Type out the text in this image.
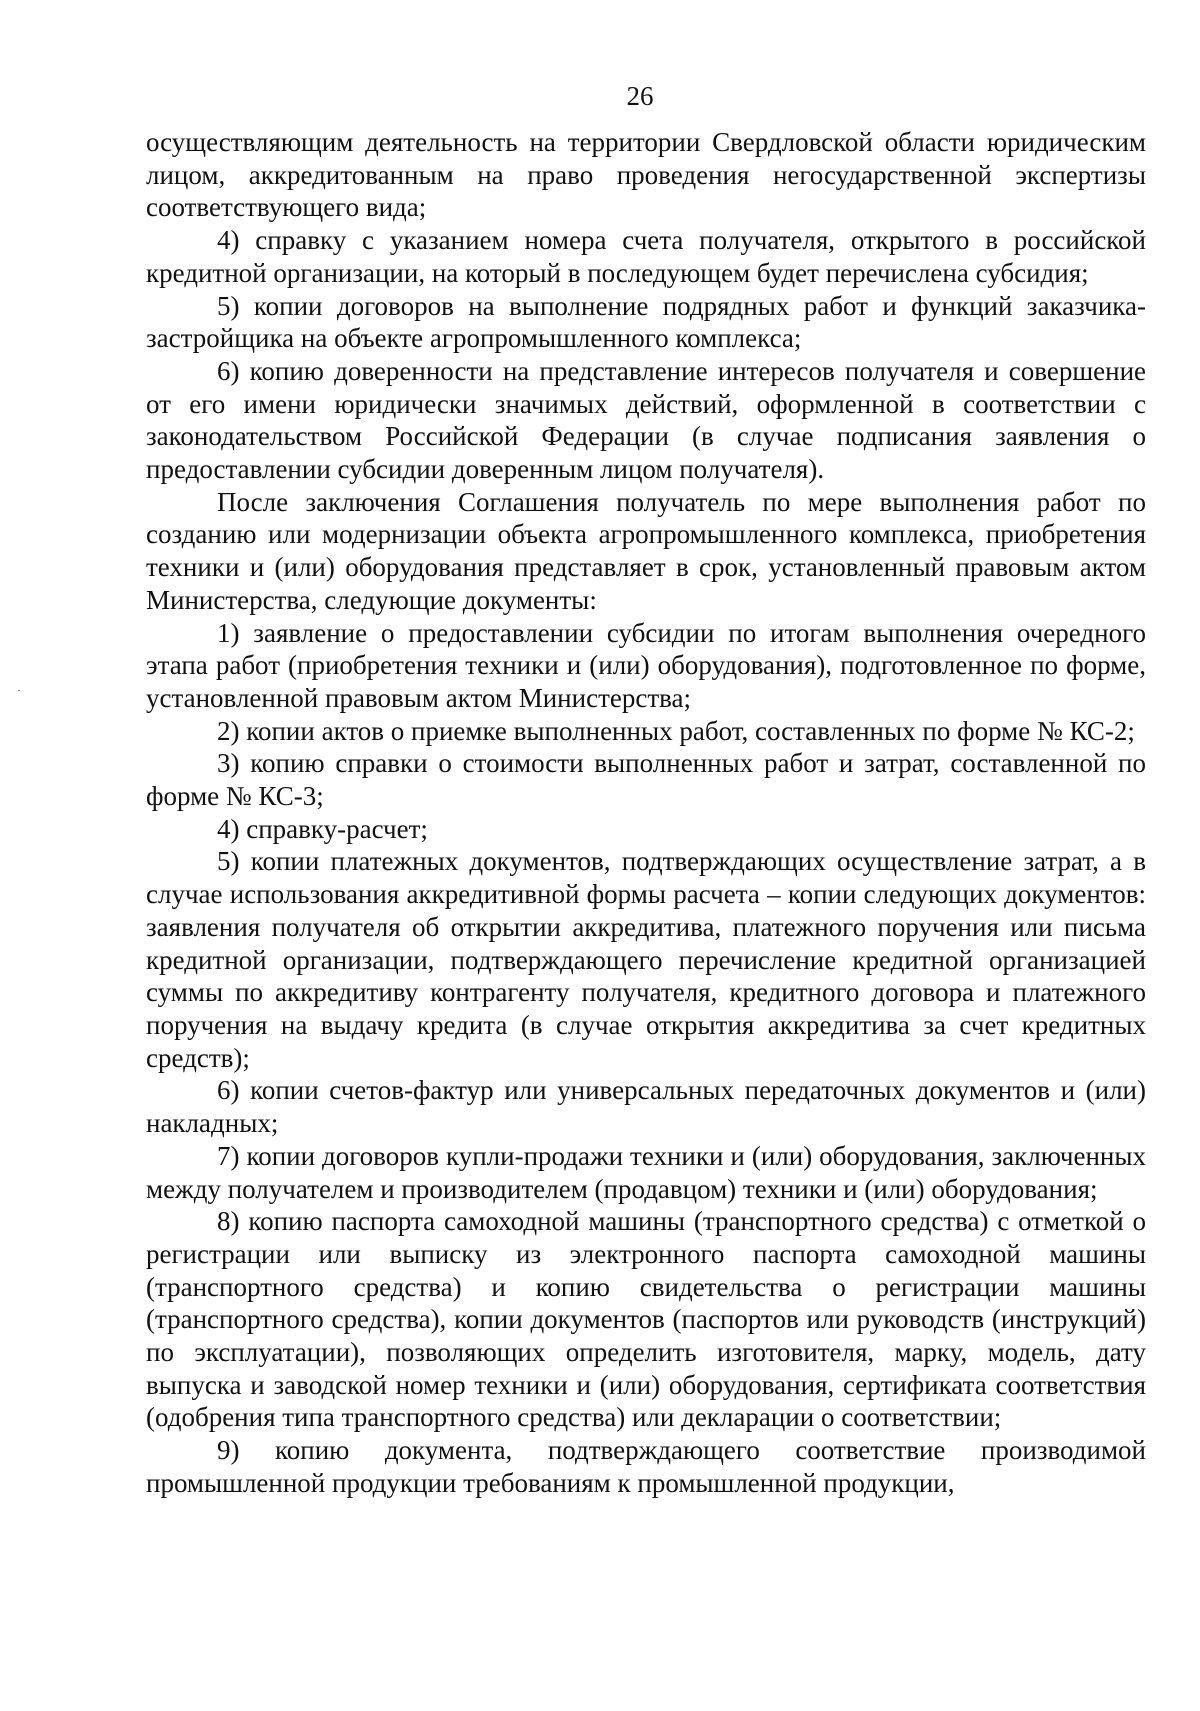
26

осуществляющим деятельность на территории Свердловской области юридическим лицом, аккредитованным на право проведения негосударственной экспертизы соответствующего вида;

4) справку с указанием номера счета получателя, открытого в российской кредитной организации, на который в последующем будет перечислена субсидия;

5) копии договоров на выполнение подрядных работ и функций заказчика-застройщика на объекте агропромышленного комплекса;

6) копию доверенности на представление интересов получателя и совершение от его имени юридически значимых действий, оформленной в соответствии с законодательством Российской Федерации (в случае подписания заявления о предоставлении субсидии доверенным лицом получателя).

После заключения Соглашения получатель по мере выполнения работ по созданию или модернизации объекта агропромышленного комплекса, приобретения техники и (или) оборудования представляет в срок, установленный правовым актом Министерства, следующие документы:

1) заявление о предоставлении субсидии по итогам выполнения очередного этапа работ (приобретения техники и (или) оборудования), подготовленное по форме, установленной правовым актом Министерства;

2) копии актов о приемке выполненных работ, составленных по форме № КС-2;

3) копию справки о стоимости выполненных работ и затрат, составленной по форме № КС-3;

4) справку-расчет;

5) копии платежных документов, подтверждающих осуществление затрат, а в случае использования аккредитивной формы расчета – копии следующих документов: заявления получателя об открытии аккредитива, платежного поручения или письма кредитной организации, подтверждающего перечисление кредитной организацией суммы по аккредитиву контрагенту получателя, кредитного договора и платежного поручения на выдачу кредита (в случае открытия аккредитива за счет кредитных средств);

6) копии счетов-фактур или универсальных передаточных документов и (или) накладных;

7) копии договоров купли-продажи техники и (или) оборудования, заключенных между получателем и производителем (продавцом) техники и (или) оборудования;

8) копию паспорта самоходной машины (транспортного средства) с отметкой о регистрации или выписку из электронного паспорта самоходной машины (транспортного средства) и копию свидетельства о регистрации машины (транспортного средства), копии документов (паспортов или руководств (инструкций) по эксплуатации), позволяющих определить изготовителя, марку, модель, дату выпуска и заводской номер техники и (или) оборудования, сертификата соответствия (одобрения типа транспортного средства) или декларации о соответствии;

9) копию документа, подтверждающего соответствие производимой промышленной продукции требованиям к промышленной продукции,
